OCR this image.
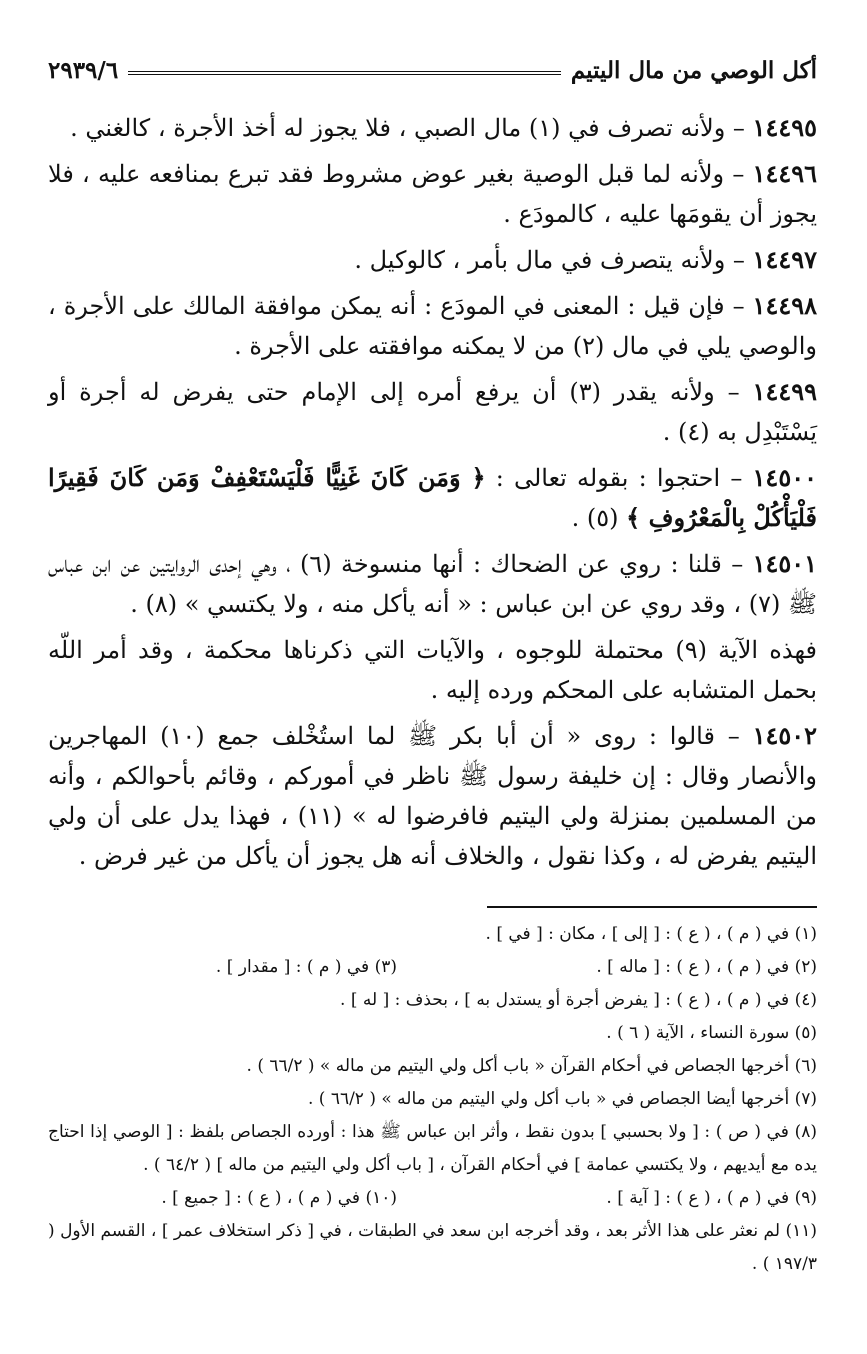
أكل الوصي من مال اليتيم
٢٩٣٩/٦

١٤٤٩٥ – ولأنه تصرف في (١) مال الصبي ، فلا يجوز له أخذ الأجرة ، كالغني .

١٤٤٩٦ – ولأنه لما قبل الوصية بغير عوض مشروط فقد تبرع بمنافعه عليه ، فلا يجوز أن يقومَها عليه ، كالمودَع .

١٤٤٩٧ – ولأنه يتصرف في مال بأمر ، كالوكيل .

١٤٤٩٨ – فإن قيل : المعنى في المودَع : أنه يمكن موافقة المالك على الأجرة ، والوصي يلي في مال (٢) من لا يمكنه موافقته على الأجرة .

١٤٤٩٩ – ولأنه يقدر (٣) أن يرفع أمره إلى الإمام حتى يفرض له أجرة أو يَسْتَبْدِل به (٤) .

١٤٥٠٠ – احتجوا : بقوله تعالى : ﴿ وَمَن كَانَ غَنِيًّا فَلْيَسْتَعْفِفْ وَمَن كَانَ فَقِيرًا فَلْيَأْكُلْ بِالْمَعْرُوفِ ﴾ (٥) .

١٤٥٠١ – قلنا : روي عن الضحاك : أنها منسوخة (٦) ، وهي إحدى الروايتين عن ابن عباس ﷺ (٧) ، وقد روي عن ابن عباس : « أنه يأكل منه ، ولا يكتسي » (٨) .

فهذه الآية (٩) محتملة للوجوه ، والآيات التي ذكرناها محكمة ، وقد أمر اللّه بحمل المتشابه على المحكم ورده إليه .

١٤٥٠٢ – قالوا : روى « أن أبا بكر ﷺ لما استُخْلف جمع (١٠) المهاجرين والأنصار وقال : إن خليفة رسول ﷺ ناظر في أموركم ، وقائم بأحوالكم ، وأنه من المسلمين بمنزلة ولي اليتيم فافرضوا له » (١١) ، فهذا يدل على أن ولي اليتيم يفرض له ، وكذا نقول ، والخلاف أنه هل يجوز أن يأكل من غير فرض .

(١) في ( م ) ، ( ع ) : [ إلى ] ، مكان : [ في ] .

(٢) في ( م ) ، ( ع ) : [ ماله ] .
(٣) في ( م ) : [ مقدار ] .

(٤) في ( م ) ، ( ع ) : [ يفرض أجرة أو يستدل به ] ، بحذف : [ له ] .

(٥) سورة النساء ، الآية ( ٦ ) .

(٦) أخرجها الجصاص في أحكام القرآن « باب أكل ولي اليتيم من ماله » ( ٦٦/٢ ) .

(٧) أخرجها أيضا الجصاص في « باب أكل ولي اليتيم من ماله » ( ٦٦/٢ ) .

(٨) في ( ص ) : [ ولا بحسبي ] بدون نقط ، وأثر ابن عباس ﷺ هذا : أورده الجصاص بلفظ : [ الوصي إذا احتاج يده مع أيديهم ، ولا يكتسي عمامة ] في أحكام القرآن ، [ باب أكل ولي اليتيم من ماله ] ( ٦٤/٢ ) .

(٩) في ( م ) ، ( ع ) : [ آية ] .
(١٠) في ( م ) ، ( ع ) : [ جميع ] .

(١١) لم نعثر على هذا الأثر بعد ، وقد أخرجه ابن سعد في الطبقات ، في [ ذكر استخلاف عمر ] ، القسم الأول ( ١٩٧/٣ ) .
